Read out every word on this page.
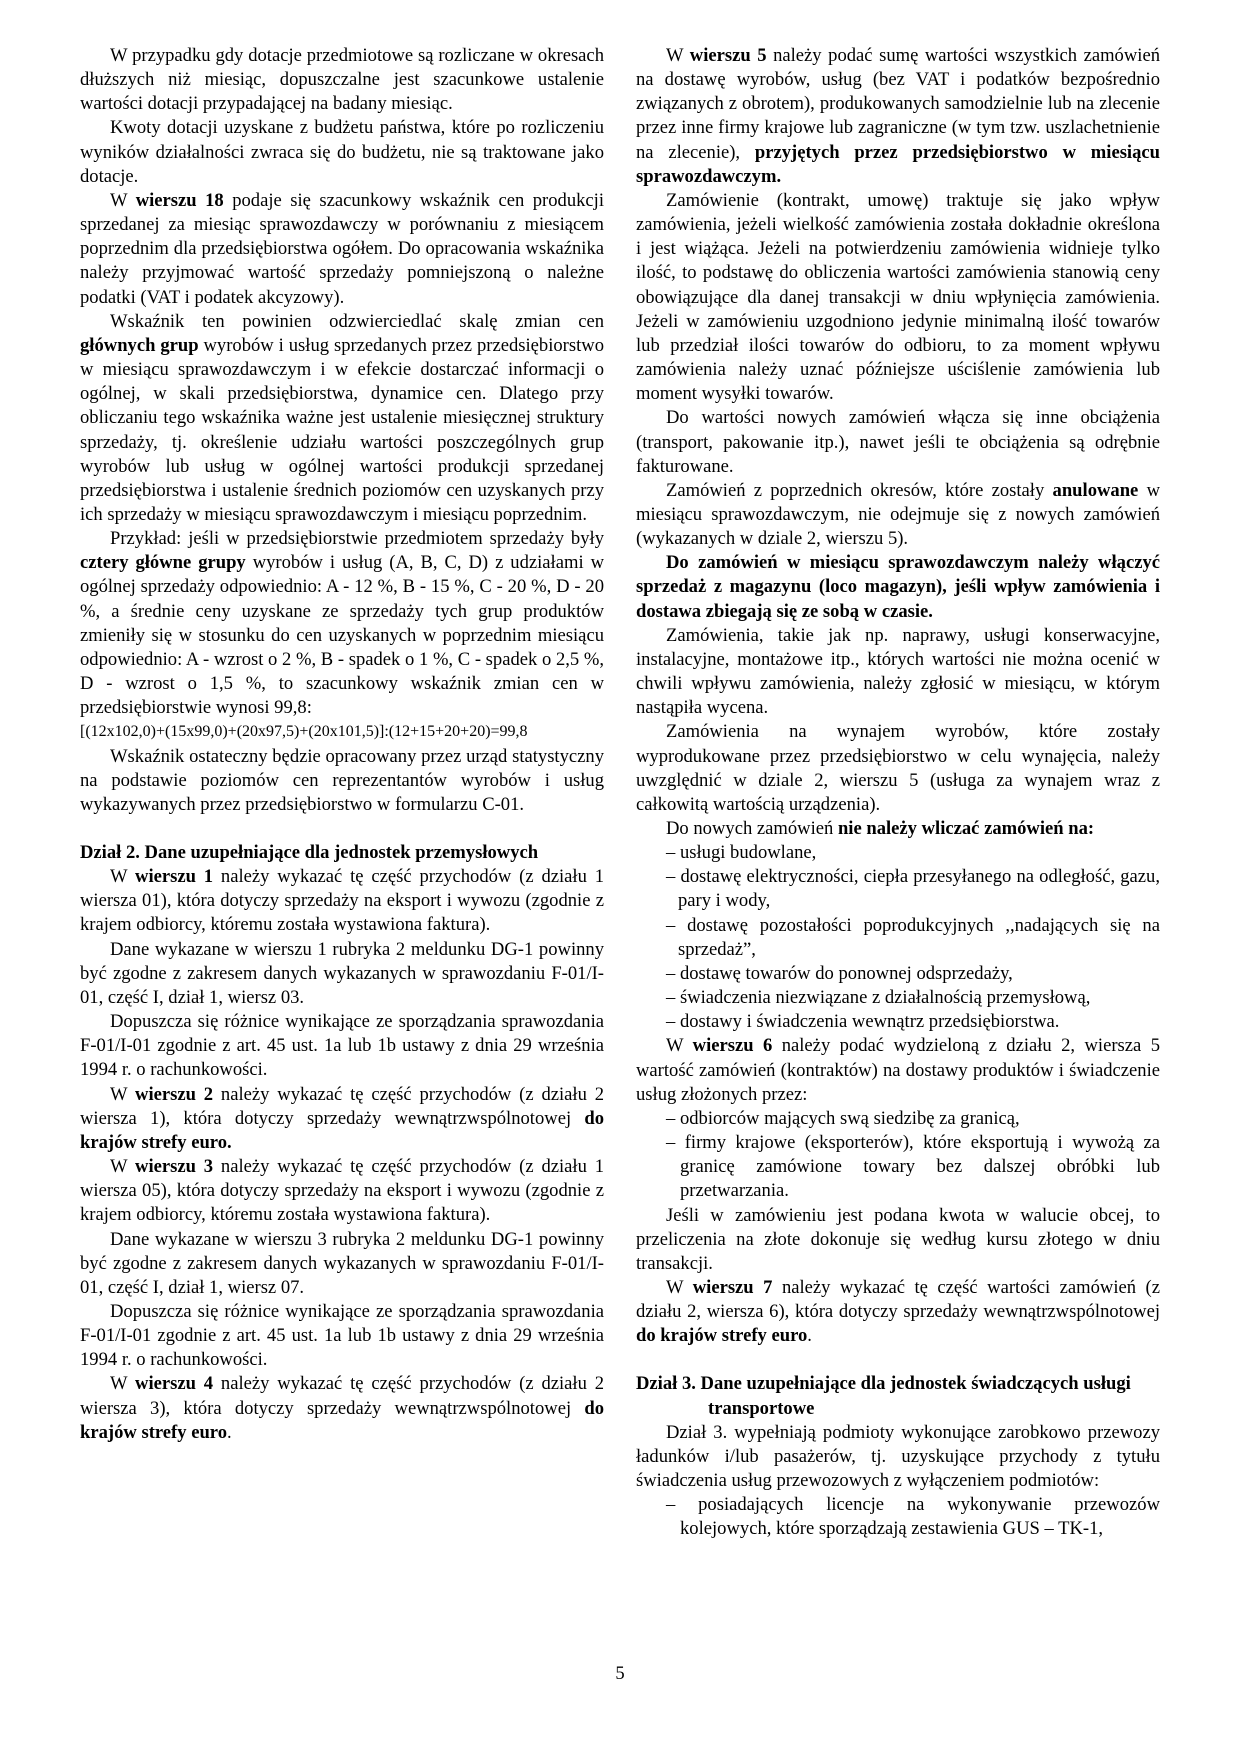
W przypadku gdy dotacje przedmiotowe są rozliczane w okresach dłuższych niż miesiąc, dopuszczalne jest szacunkowe ustalenie wartości dotacji przypadającej na badany miesiąc.

Kwoty dotacji uzyskane z budżetu państwa, które po rozliczeniu wyników działalności zwraca się do budżetu, nie są traktowane jako dotacje.

W wierszu 18 podaje się szacunkowy wskaźnik cen produkcji sprzedanej za miesiąc sprawozdawczy w porównaniu z miesiącem poprzednim dla przedsiębiorstwa ogółem. Do opracowania wskaźnika należy przyjmować wartość sprzedaży pomniejszoną o należne podatki (VAT i podatek akcyzowy).

Wskaźnik ten powinien odzwierciedlać skalę zmian cen głównych grup wyrobów i usług sprzedanych przez przedsiębiorstwo w miesiącu sprawozdawczym i w efekcie dostarczać informacji o ogólnej, w skali przedsiębiorstwa, dynamice cen. Dlatego przy obliczaniu tego wskaźnika ważne jest ustalenie miesięcznej struktury sprzedaży, tj. określenie udziału wartości poszczególnych grup wyrobów lub usług w ogólnej wartości produkcji sprzedanej przedsiębiorstwa i ustalenie średnich poziomów cen uzyskanych przy ich sprzedaży w miesiącu sprawozdawczym i miesiącu poprzednim.

Przykład: jeśli w przedsiębiorstwie przedmiotem sprzedaży były cztery główne grupy wyrobów i usług (A, B, C, D) z udziałami w ogólnej sprzedaży odpowiednio: A - 12 %, B - 15 %, C - 20 %, D - 20 %, a średnie ceny uzyskane ze sprzedaży tych grup produktów zmieniły się w stosunku do cen uzyskanych w poprzednim miesiącu odpowiednio: A - wzrost o 2 %, B - spadek o 1 %, C - spadek o 2,5 %, D - wzrost o 1,5 %, to szacunkowy wskaźnik zmian cen w przedsiębiorstwie wynosi 99,8:

[(12x102,0)+(15x99,0)+(20x97,5)+(20x101,5)]:(12+15+20+20)=99,8

Wskaźnik ostateczny będzie opracowany przez urząd statystyczny na podstawie poziomów cen reprezentantów wyrobów i usług wykazywanych przez przedsiębiorstwo w formularzu C-01.

Dział 2. Dane uzupełniające dla jednostek przemysłowych

W wierszu 1 należy wykazać tę część przychodów (z działu 1 wiersza 01), która dotyczy sprzedaży na eksport i wywozu (zgodnie z krajem odbiorcy, któremu została wystawiona faktura).

Dane wykazane w wierszu 1 rubryka 2 meldunku DG-1 powinny być zgodne z zakresem danych wykazanych w sprawozdaniu F-01/I-01, część I, dział 1, wiersz 03.

Dopuszcza się różnice wynikające ze sporządzania sprawozdania F-01/I-01 zgodnie z art. 45 ust. 1a lub 1b ustawy z dnia 29 września 1994 r. o rachunkowości.

W wierszu 2 należy wykazać tę część przychodów (z działu 2 wiersza 1), która dotyczy sprzedaży wewnątrzwspólnotowej do krajów strefy euro.

W wierszu 3 należy wykazać tę część przychodów (z działu 1 wiersza 05), która dotyczy sprzedaży na eksport i wywozu (zgodnie z krajem odbiorcy, któremu została wystawiona faktura).

Dane wykazane w wierszu 3 rubryka 2 meldunku DG-1 powinny być zgodne z zakresem danych wykazanych w sprawozdaniu F-01/I-01, część I, dział 1, wiersz 07.

Dopuszcza się różnice wynikające ze sporządzania sprawozdania F-01/I-01 zgodnie z art. 45 ust. 1a lub 1b ustawy z dnia 29 września 1994 r. o rachunkowości.

W wierszu 4 należy wykazać tę część przychodów (z działu 2 wiersza 3), która dotyczy sprzedaży wewnątrzwspólnotowej do krajów strefy euro.

W wierszu 5 należy podać sumę wartości wszystkich zamówień na dostawę wyrobów, usług (bez VAT i podatków bezpośrednio związanych z obrotem), produkowanych samodzielnie lub na zlecenie przez inne firmy krajowe lub zagraniczne (w tym tzw. uszlachetnienie na zlecenie), przyjętych przez przedsiębiorstwo w miesiącu sprawozdawczym.

Zamówienie (kontrakt, umowę) traktuje się jako wpływ zamówienia, jeżeli wielkość zamówienia została dokładnie określona i jest wiążąca. Jeżeli na potwierdzeniu zamówienia widnieje tylko ilość, to podstawę do obliczenia wartości zamówienia stanowią ceny obowiązujące dla danej transakcji w dniu wpłynięcia zamówienia. Jeżeli w zamówieniu uzgodniono jedynie minimalną ilość towarów lub przedział ilości towarów do odbioru, to za moment wpływu zamówienia należy uznać późniejsze uściślenie zamówienia lub moment wysyłki towarów.

Do wartości nowych zamówień włącza się inne obciążenia (transport, pakowanie itp.), nawet jeśli te obciążenia są odrębnie fakturowane.

Zamówień z poprzednich okresów, które zostały anulowane w miesiącu sprawozdawczym, nie odejmuje się z nowych zamówień (wykazanych w dziale 2, wierszu 5).

Do zamówień w miesiącu sprawozdawczym należy włączyć sprzedaż z magazynu (loco magazyn), jeśli wpływ zamówienia i dostawa zbiegają się ze sobą w czasie.

Zamówienia, takie jak np. naprawy, usługi konserwacyjne, instalacyjne, montażowe itp., których wartości nie można ocenić w chwili wpływu zamówienia, należy zgłosić w miesiącu, w którym nastąpiła wycena.

Zamówienia na wynajem wyrobów, które zostały wyprodukowane przez przedsiębiorstwo w celu wynajęcia, należy uwzględnić w dziale 2, wierszu 5 (usługa za wynajem wraz z całkowitą wartością urządzenia).

Do nowych zamówień nie należy wliczać zamówień na:

– usługi budowlane,
– dostawę elektryczności, ciepła przesyłanego na odległość, gazu, pary i wody,
– dostawę pozostałości poprodukcyjnych ,,nadających się na sprzedaż”,
– dostawę towarów do ponownej odsprzedaży,
– świadczenia niezwiązane z działalnością przemysłową,
– dostawy i świadczenia wewnątrz przedsiębiorstwa.

W wierszu 6 należy podać wydzieloną z działu 2, wiersza 5 wartość zamówień (kontraktów) na dostawy produktów i świadczenie usług złożonych przez:

– odbiorców mających swą siedzibę za granicą,
– firmy krajowe (eksporterów), które eksportują i wywożą za granicę zamówione towary bez dalszej obróbki lub przetwarzania.

Jeśli w zamówieniu jest podana kwota w walucie obcej, to przeliczenia na złote dokonuje się według kursu złotego w dniu transakcji.

W wierszu 7 należy wykazać tę część wartości zamówień (z działu 2, wiersza 6), która dotyczy sprzedaży wewnątrzwspólnotowej do krajów strefy euro.

Dział 3. Dane uzupełniające dla jednostek świadczących usługi transportowe

Dział 3. wypełniają podmioty wykonujące zarobkowo przewozy ładunków i/lub pasażerów, tj. uzyskujące przychody z tytułu świadczenia usług przewozowych z wyłączeniem podmiotów:

– posiadających licencje na wykonywanie przewozów kolejowych, które sporządzają zestawienia GUS – TK-1,
5
